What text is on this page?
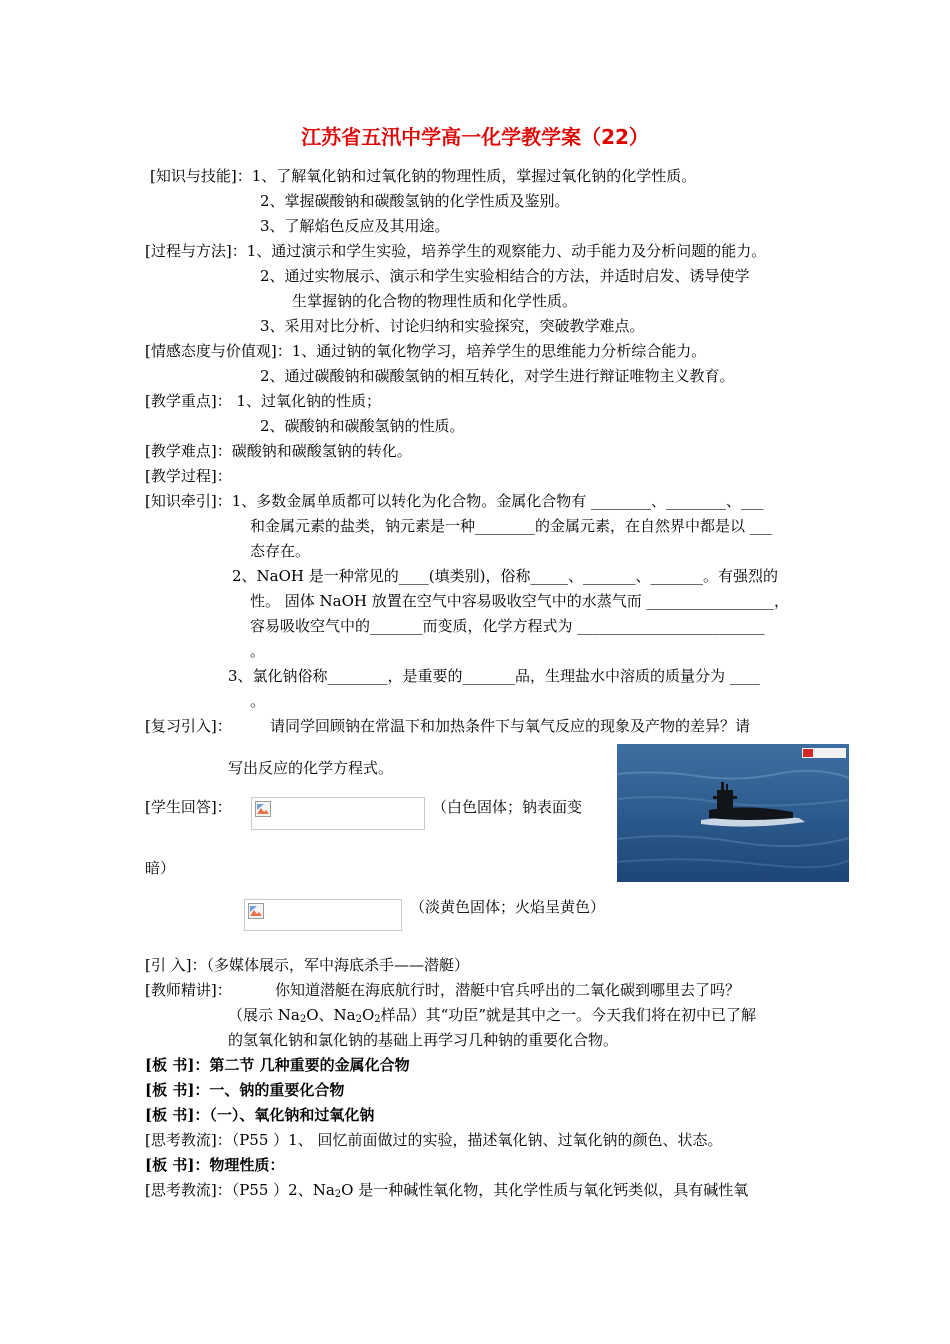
江苏省五汛中学高一化学教学案（22）
[知识与技能]：1、了解氧化钠和过氧化钠的物理性质，掌握过氧化钠的化学性质。
2、掌握碳酸钠和碳酸氢钠的化学性质及鉴别。
3、了解焰色反应及其用途。
[过程与方法]：1、通过演示和学生实验，培养学生的观察能力、动手能力及分析问题的能力。
2、通过实物展示、演示和学生实验相结合的方法，并适时启发、诱导使学
生掌握钠的化合物的物理性质和化学性质。
3、采用对比分析、讨论归纳和实验探究，突破教学难点。
[情感态度与价值观]：1、通过钠的氧化物学习，培养学生的思维能力分析综合能力。
2、通过碳酸钠和碳酸氢钠的相互转化，对学生进行辩证唯物主义教育。
[教学重点]： 1、过氧化钠的性质；
2、碳酸钠和碳酸氢钠的性质。
[教学难点]：碳酸钠和碳酸氢钠的转化。
[教学过程]：
[知识牵引]：1、多数金属单质都可以转化为化合物。金属化合物有 ________、________、___
和金属元素的盐类，钠元素是一种________的金属元素，在自然界中都是以 ___
态存在。
2、NaOH 是一种常见的____(填类别)，俗称_____、_______、_______。有强烈的
性。 固体 NaOH 放置在空气中容易吸收空气中的水蒸气而 _________________，
容易吸收空气中的_______而变质，化学方程式为 _________________________
。
3、氯化钠俗称________，是重要的_______品，生理盐水中溶质的质量分为 ____
。
[复习引入]：	请同学回顾钠在常温下和加热条件下与氧气反应的现象及产物的差异？请
写出反应的化学方程式。
[学生回答]：	（白色固体；钠表面变
暗）
（淡黄色固体；火焰呈黄色）
[引 入]：（多媒体展示，军中海底杀手——潜艇）
[教师精讲]：	你知道潜艇在海底航行时，潜艇中官兵呼出的二氧化碳到哪里去了吗？
（展示 $Na_2O$、$Na_2O_2$样品）其“功臣”就是其中之一。今天我们将在初中已了解
的氢氧化钠和氯化钠的基础上再学习几种钠的重要化合物。
[板 书]：第二节 几种重要的金属化合物
[板 书]：一、钠的重要化合物
[板 书]：（一）、氧化钠和过氧化钠
[思考教流]：（P55 ）1、 回忆前面做过的实验，描述氧化钠、过氧化钠的颜色、状态。
[板 书]：物理性质：
[思考教流]：（P55 ）2、$Na_2O$ 是一种碱性氧化物，其化学性质与氧化钙类似，具有碱性氧
